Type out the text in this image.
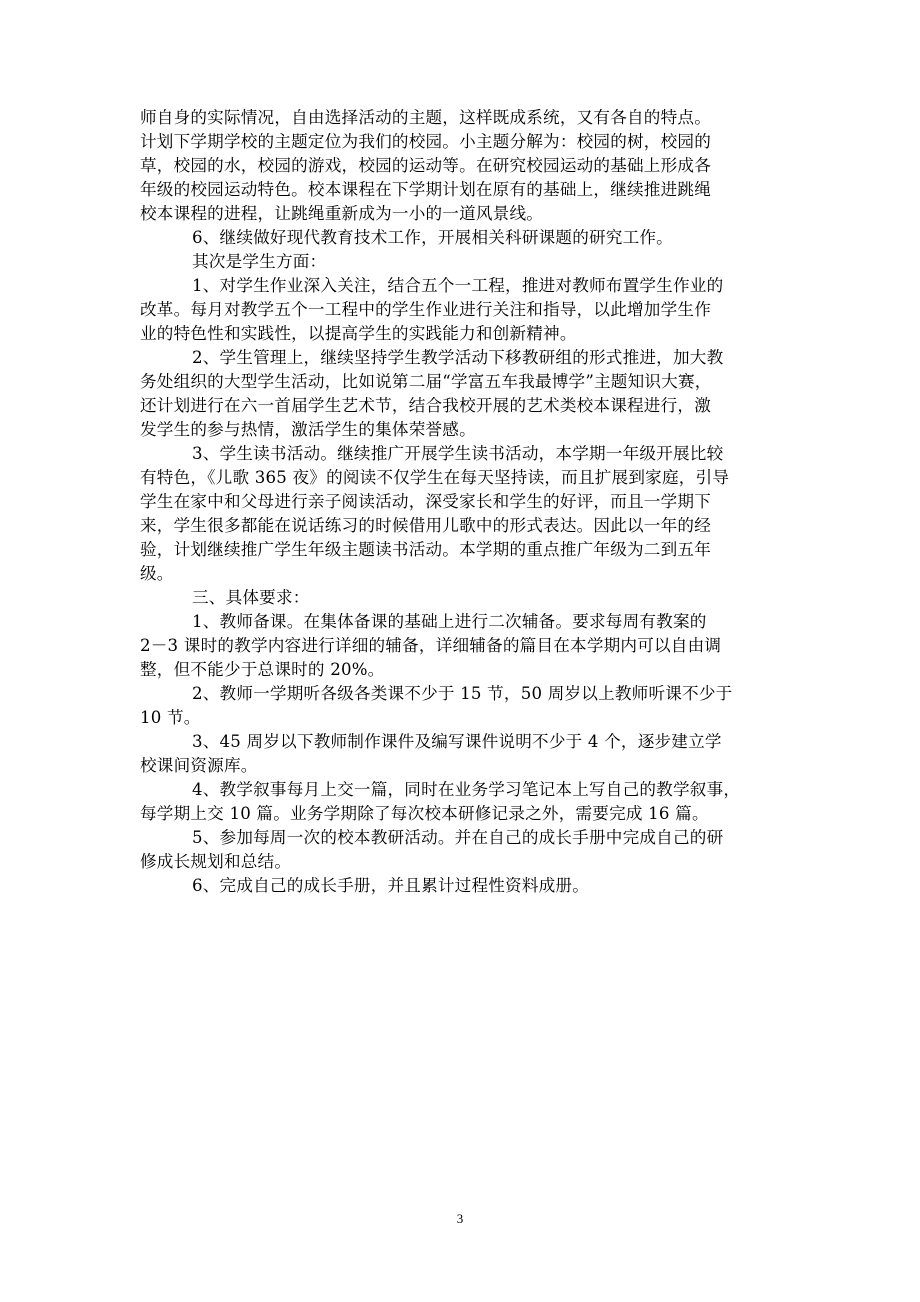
师自身的实际情况，自由选择活动的主题，这样既成系统，又有各自的特点。
计划下学期学校的主题定位为我们的校园。小主题分解为：校园的树，校园的
草，校园的水，校园的游戏，校园的运动等。在研究校园运动的基础上形成各
年级的校园运动特色。校本课程在下学期计划在原有的基础上，继续推进跳绳
校本课程的进程，让跳绳重新成为一小的一道风景线。
6、继续做好现代教育技术工作，开展相关科研课题的研究工作。
其次是学生方面：
1、对学生作业深入关注，结合五个一工程，推进对教师布置学生作业的
改革。每月对教学五个一工程中的学生作业进行关注和指导，以此增加学生作
业的特色性和实践性，以提高学生的实践能力和创新精神。
2、学生管理上，继续坚持学生教学活动下移教研组的形式推进，加大教
务处组织的大型学生活动，比如说第二届“学富五车我最博学”主题知识大赛，
还计划进行在六一首届学生艺术节，结合我校开展的艺术类校本课程进行，激
发学生的参与热情，激活学生的集体荣誉感。
3、学生读书活动。继续推广开展学生读书活动，本学期一年级开展比较
有特色，《儿歌 365 夜》的阅读不仅学生在每天坚持读，而且扩展到家庭，引导
学生在家中和父母进行亲子阅读活动，深受家长和学生的好评，而且一学期下
来，学生很多都能在说话练习的时候借用儿歌中的形式表达。因此以一年的经
验，计划继续推广学生年级主题读书活动。本学期的重点推广年级为二到五年
级。
三、具体要求：
1、教师备课。在集体备课的基础上进行二次辅备。要求每周有教案的
2－3 课时的教学内容进行详细的辅备，详细辅备的篇目在本学期内可以自由调
整，但不能少于总课时的 20%。
2、教师一学期听各级各类课不少于 15 节，50 周岁以上教师听课不少于
10 节。
3、45 周岁以下教师制作课件及编写课件说明不少于 4 个，逐步建立学
校课间资源库。
4、教学叙事每月上交一篇，同时在业务学习笔记本上写自己的教学叙事，
每学期上交 10 篇。业务学期除了每次校本研修记录之外，需要完成 16 篇。
5、参加每周一次的校本教研活动。并在自己的成长手册中完成自己的研
修成长规划和总结。
6、完成自己的成长手册，并且累计过程性资料成册。
3
